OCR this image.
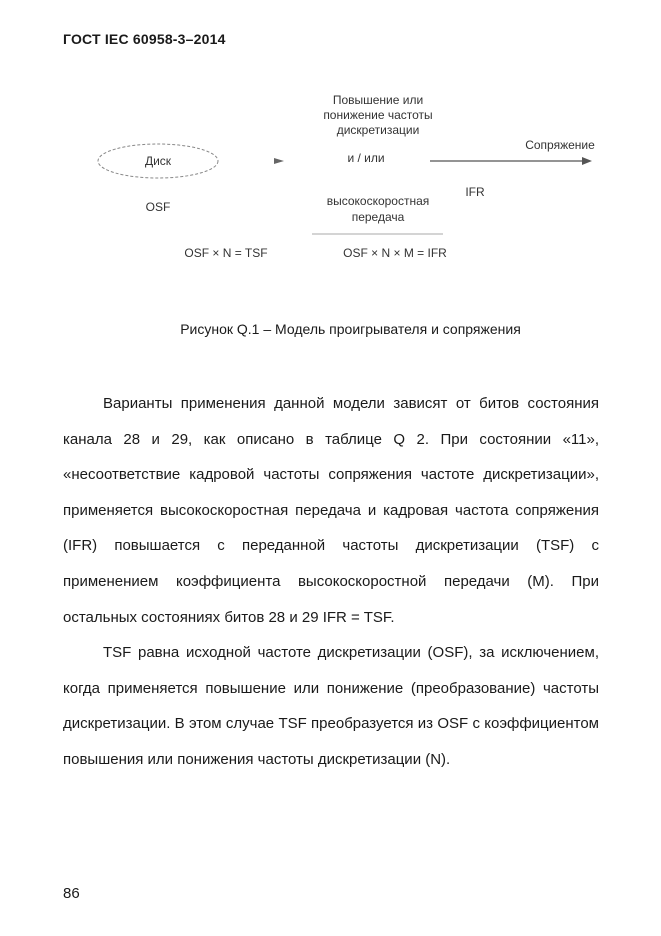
ГОСТ IEC 60958-3–2014
Диск
OSF
Повышение или
понижение частоты
дискретизации
и / или
высокоскоростная
передача
Сопряжение
IFR
OSF × N = TSF	OSF × N × M = IFR
Рисунок Q.1 – Модель проигрывателя и сопряжения

Варианты применения данной модели зависят от битов состояния канала 28 и 29, как описано в таблице Q 2. При состоянии «11», «несоответствие кадровой частоты сопряжения частоте дискретизации», применяется высокоскоростная передача и кадровая частота сопряжения (IFR) повышается с переданной частоты дискретизации (TSF) с применением коэффициента высокоскоростной передачи (M). При остальных состоянияx битов 28 и 29 IFR = TSF.

TSF равна исходной частоте дискретизации (OSF), за исключением, когда применяется повышение или понижение (преобразование) частоты дискретизации. В этом случае TSF преобразуется из OSF с коэффициентом повышения или понижения частоты дискретизации (N).

86
